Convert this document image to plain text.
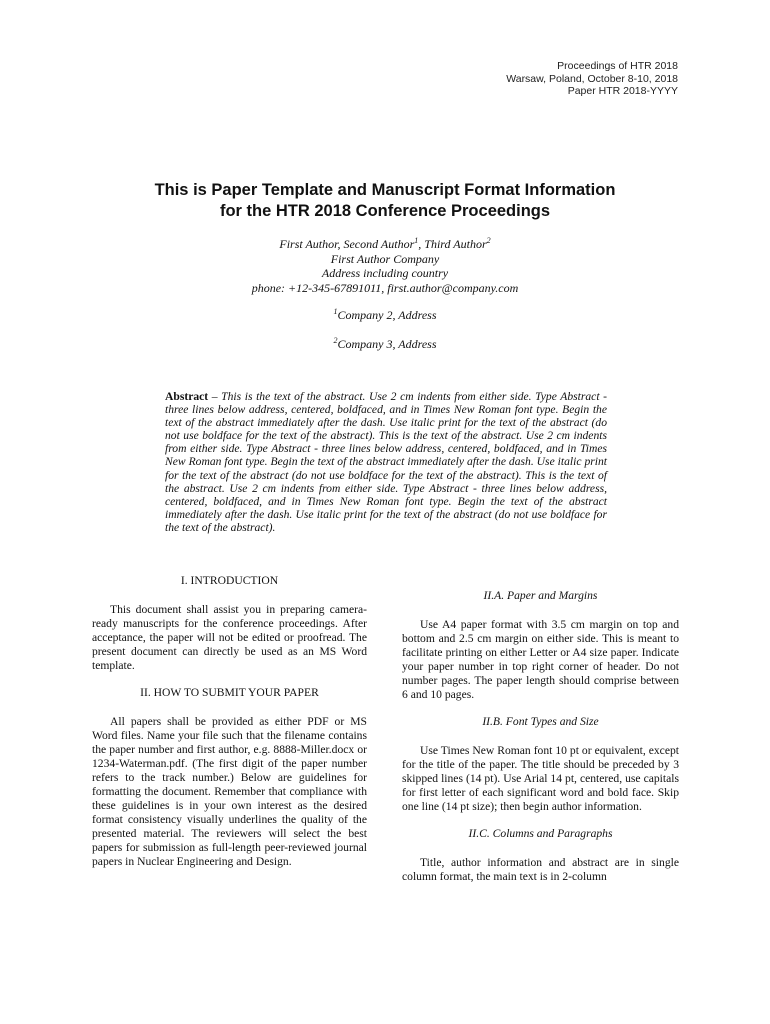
Proceedings of HTR 2018
Warsaw, Poland, October 8-10, 2018
Paper HTR 2018-YYYY
This is Paper Template and Manuscript Format Information
for the HTR 2018 Conference Proceedings
First Author, Second Author$^1$, Third Author$^2$
First Author Company
Address including country
phone: +12-345-67891011, first.author@company.com
$^1$Company 2, Address
$^2$Company 3, Address
Abstract – This is the text of the abstract. Use 2 cm indents from either side. Type Abstract - three lines below address, centered, boldfaced, and in Times New Roman font type. Begin the text of the abstract immediately after the dash. Use italic print for the text of the abstract (do not use boldface for the text of the abstract). This is the text of the abstract. Use 2 cm indents from either side. Type Abstract - three lines below address, centered, boldfaced, and in Times New Roman font type. Begin the text of the abstract immediately after the dash. Use italic print for the text of the abstract (do not use boldface for the text of the abstract). This is the text of the abstract. Use 2 cm indents from either side. Type Abstract - three lines below address, centered, boldfaced, and in Times New Roman font type. Begin the text of the abstract immediately after the dash. Use italic print for the text of the abstract (do not use boldface for the text of the abstract).
I. INTRODUCTION

This document shall assist you in preparing camera-ready manuscripts for the conference proceedings. After acceptance, the paper will not be edited or proofread. The present document can directly be used as an MS Word template.

II. HOW TO SUBMIT YOUR PAPER

All papers shall be provided as either PDF or MS Word files. Name your file such that the filename contains the paper number and first author, e.g. 8888-Miller.docx or 1234-Waterman.pdf. (The first digit of the paper number refers to the track number.) Below are guidelines for formatting the document. Remember that compliance with these guidelines is in your own interest as the desired format consistency visually underlines the quality of the presented material. The reviewers will select the best papers for submission as full-length peer-reviewed journal papers in Nuclear Engineering and Design.

II.A. Paper and Margins

Use A4 paper format with 3.5 cm margin on top and bottom and 2.5 cm margin on either side. This is meant to facilitate printing on either Letter or A4 size paper. Indicate your paper number in top right corner of header. Do not number pages. The paper length should comprise between 6 and 10 pages.

II.B. Font Types and Size

Use Times New Roman font 10 pt or equivalent, except for the title of the paper. The title should be preceded by 3 skipped lines (14 pt). Use Arial 14 pt, centered, use capitals for first letter of each significant word and bold face. Skip one line (14 pt size); then begin author information.

II.C. Columns and Paragraphs

Title, author information and abstract are in single column format, the main text is in 2-column
